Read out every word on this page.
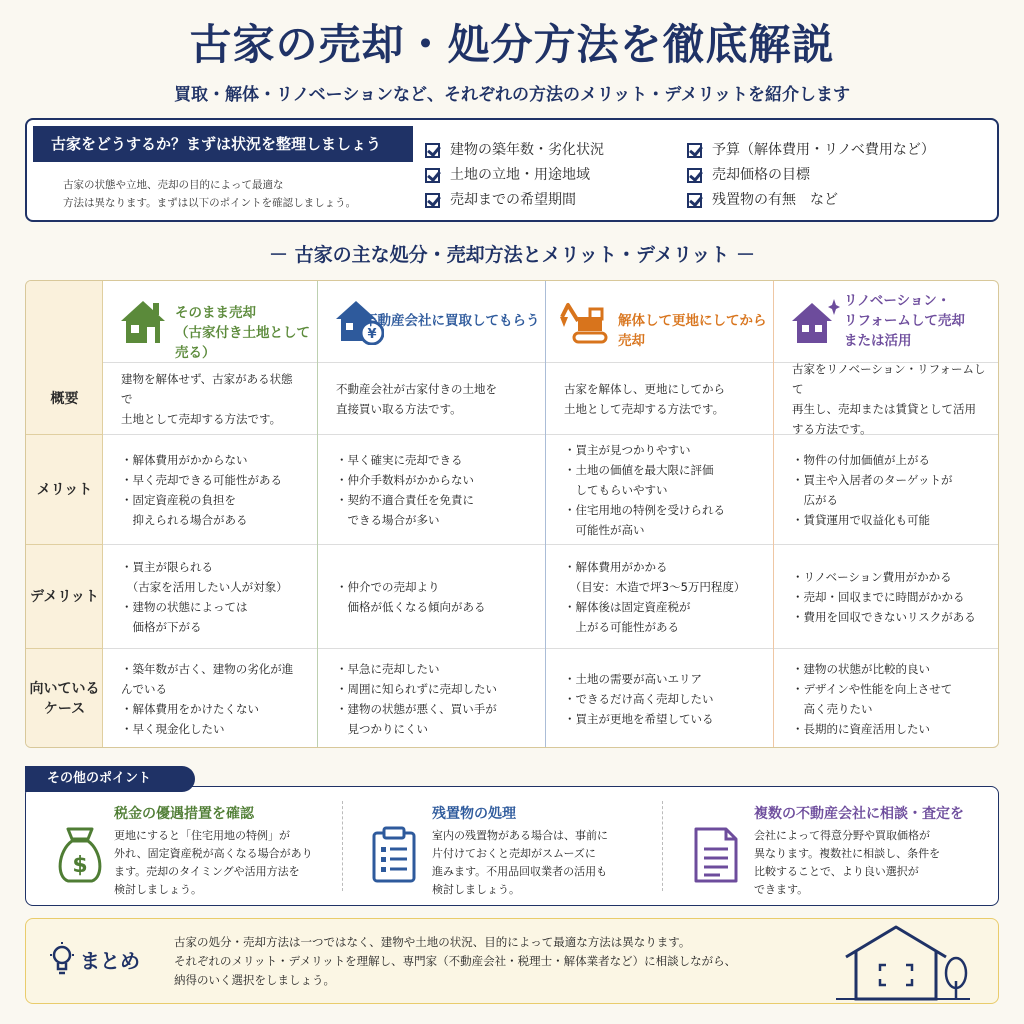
古家の売却・処分方法を徹底解説
買取・解体・リノベーションなど、それぞれの方法のメリット・デメリットを紹介します
古家をどうするか？まずは状況を整理しましょう
古家の状態や立地、売却の目的によって最適な
方法は異なります。まずは以下のポイントを確認しましょう。
建物の築年数・劣化状況
土地の立地・用途地域
売却までの希望期間
予算（解体費用・リノベ費用など）
売却価格の目標
残置物の有無　など
－ 古家の主な処分・売却方法とメリット・デメリット －
概要
メリット
デメリット
向いている
ケース
そのまま売却
（古家付き土地として売る）
建物を解体せず、古家がある状態で
土地として売却する方法です。
・解体費用がかからない
・早く売却できる可能性がある
・固定資産税の負担を
　抑えられる場合がある
・買主が限られる
　（古家を活用したい人が対象）
・建物の状態によっては
　価格が下がる
・築年数が古く、建物の劣化が進んでいる
・解体費用をかけたくない
・早く現金化したい
¥
不動産会社に買取してもらう
不動産会社が古家付きの土地を
直接買い取る方法です。
・早く確実に売却できる
・仲介手数料がかからない
・契約不適合責任を免責に
　できる場合が多い
・仲介での売却より
　価格が低くなる傾向がある
・早急に売却したい
・周囲に知られずに売却したい
・建物の状態が悪く、買い手が
　見つかりにくい
解体して更地にしてから売却
古家を解体し、更地にしてから
土地として売却する方法です。
・買主が見つかりやすい
・土地の価値を最大限に評価
　してもらいやすい
・住宅用地の特例を受けられる
　可能性が高い
・解体費用がかかる
　（目安：木造で坪3～5万円程度）
・解体後は固定資産税が
　上がる可能性がある
・土地の需要が高いエリア
・できるだけ高く売却したい
・買主が更地を希望している
リノベーション・
リフォームして売却
または活用
古家をリノベーション・リフォームして
再生し、売却または賃貸として活用
する方法です。
・物件の付加価値が上がる
・買主や入居者のターゲットが
　広がる
・賃貸運用で収益化も可能
・リノベーション費用がかかる
・売却・回収までに時間がかかる
・費用を回収できないリスクがある
・建物の状態が比較的良い
・デザインや性能を向上させて
　高く売りたい
・長期的に資産活用したい
$
税金の優遇措置を確認
更地にすると「住宅用地の特例」が
外れ、固定資産税が高くなる場合があり
ます。売却のタイミングや活用方法を
検討しましょう。
残置物の処理
室内の残置物がある場合は、事前に
片付けておくと売却がスムーズに
進みます。不用品回収業者の活用も
検討しましょう。
複数の不動産会社に相談・査定を
会社によって得意分野や買取価格が
異なります。複数社に相談し、条件を
比較することで、より良い選択が
できます。
その他のポイント
まとめ
古家の処分・売却方法は一つではなく、建物や土地の状況、目的によって最適な方法は異なります。
それぞれのメリット・デメリットを理解し、専門家（不動産会社・税理士・解体業者など）に相談しながら、
納得のいく選択をしましょう。
